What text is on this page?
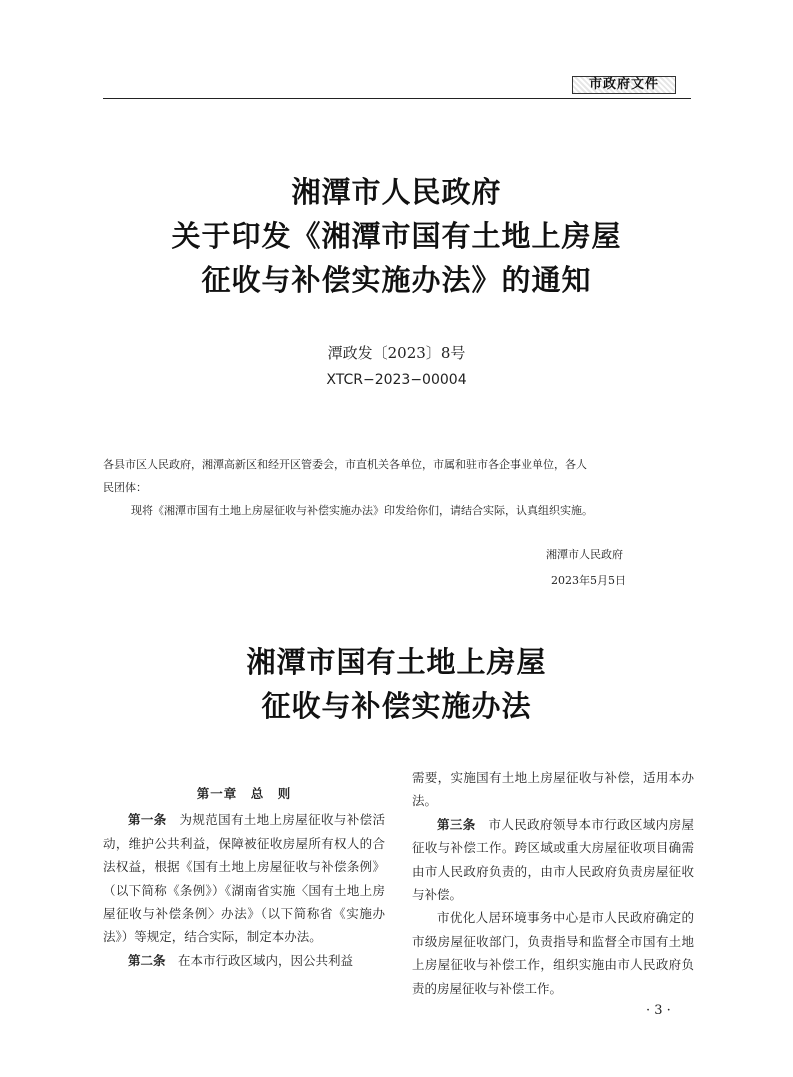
市政府文件
湘潭市人民政府
关于印发《湘潭市国有土地上房屋
征收与补偿实施办法》的通知
潭政发〔2023〕8号
XTCR−2023−00004
各县市区人民政府，湘潭高新区和经开区管委会，市直机关各单位，市属和驻市各企事业单位，各人
民团体：
现将《湘潭市国有土地上房屋征收与补偿实施办法》印发给你们，请结合实际，认真组织实施。
湘潭市人民政府
2023年5月5日
湘潭市国有土地上房屋
征收与补偿实施办法

第一章　总　则

第一条　为规范国有土地上房屋征收与补偿活动，维护公共利益，保障被征收房屋所有权人的合法权益，根据《国有土地上房屋征收与补偿条例》（以下简称《条例》）《湖南省实施〈国有土地上房屋征收与补偿条例〉办法》（以下简称省《实施办法》）等规定，结合实际，制定本办法。

第二条　在本市行政区域内，因公共利益

需要，实施国有土地上房屋征收与补偿，适用本办法。

第三条　市人民政府领导本市行政区域内房屋征收与补偿工作。跨区域或重大房屋征收项目确需由市人民政府负责的，由市人民政府负责房屋征收与补偿。

市优化人居环境事务中心是市人民政府确定的市级房屋征收部门，负责指导和监督全市国有土地上房屋征收与补偿工作，组织实施由市人民政府负责的房屋征收与补偿工作。

· 3 ·
